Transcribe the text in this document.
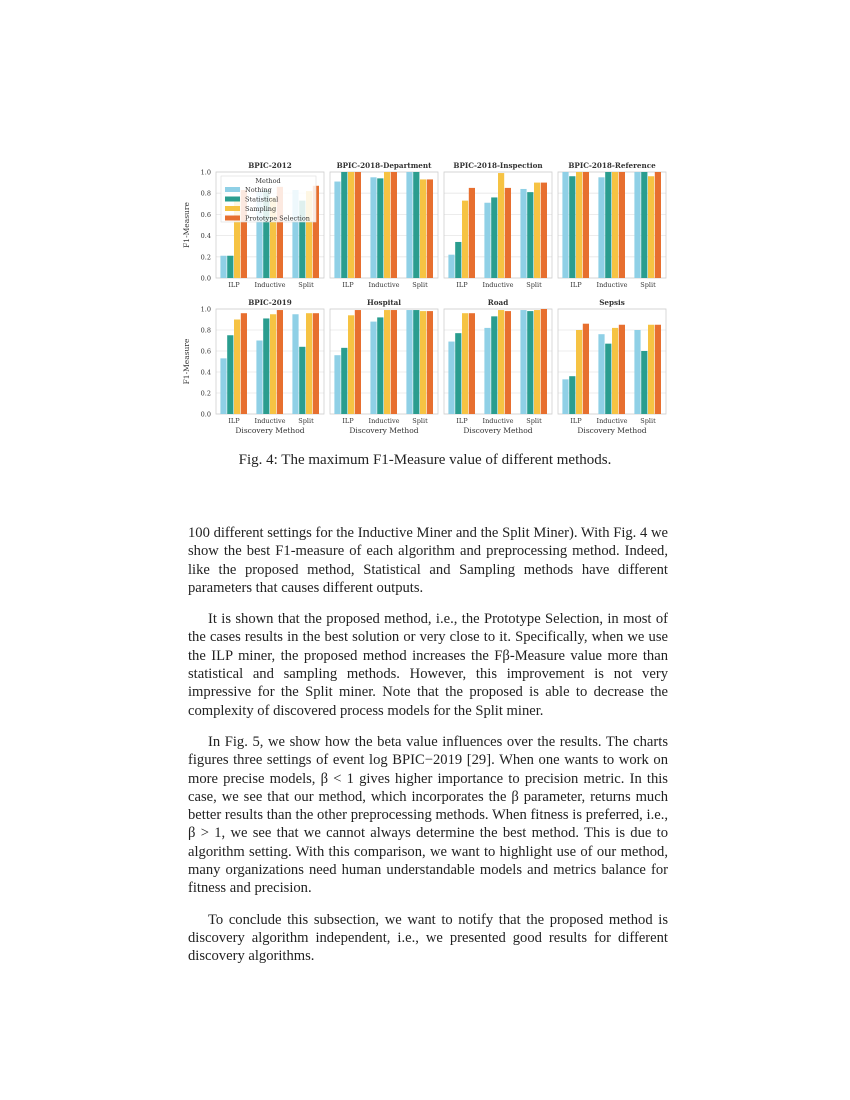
BPIC-2012
ILP Inductive Split
0.0
0.2
0.4
0.6
0.8
1.0
F1-Measure
BPIC-2018-Department
ILP Inductive Split
BPIC-2018-Inspection
ILP Inductive Split
BPIC-2018-Reference
ILP Inductive Split
BPIC-2019
ILP Inductive Split
0.0
0.2
0.4
0.6
0.8
1.0
F1-Measure
Discovery Method
Hospital
ILP Inductive Split
Discovery Method
Road
ILP Inductive Split
Discovery Method
Sepsis
ILP Inductive Split
Discovery Method
Method
Nothing
Statistical
Sampling
Prototype Selection
Fig. 4: The maximum F1-Measure value of different methods.

100 different settings for the Inductive Miner and the Split Miner). With Fig. 4 we show the best F1-measure of each algorithm and preprocessing method. Indeed, like the proposed method, Statistical and Sampling methods have different parameters that causes different outputs.

It is shown that the proposed method, i.e., the Prototype Selection, in most of the cases results in the best solution or very close to it. Specifically, when we use the ILP miner, the proposed method increases the Fβ-Measure value more than statistical and sampling methods. However, this improvement is not very impressive for the Split miner. Note that the proposed is able to decrease the complexity of discovered process models for the Split miner.

In Fig. 5, we show how the beta value influences over the results. The charts figures three settings of event log BPIC−2019 [29]. When one wants to work on more precise models, β < 1 gives higher importance to precision metric. In this case, we see that our method, which incorporates the β parameter, returns much better results than the other preprocessing methods. When fitness is preferred, i.e., β > 1, we see that we cannot always determine the best method. This is due to algorithm setting. With this comparison, we want to highlight use of our method, many organizations need human understandable models and metrics balance for fitness and precision.

To conclude this subsection, we want to notify that the proposed method is discovery algorithm independent, i.e., we presented good results for different discovery algorithms.
